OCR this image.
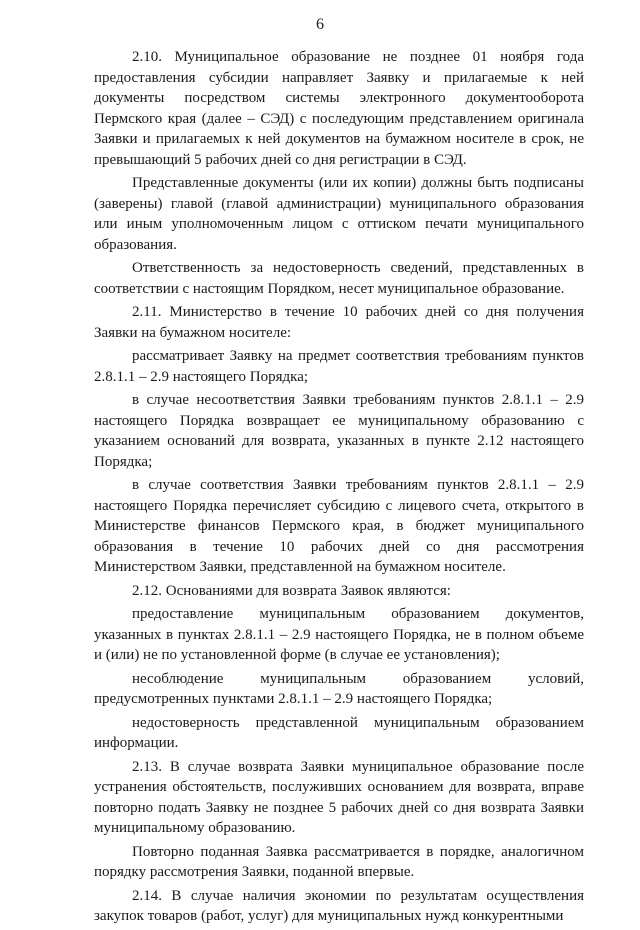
6

2.10. Муниципальное образование не позднее 01 ноября года предоставления субсидии направляет Заявку и прилагаемые к ней документы посредством системы электронного документооборота Пермского края (далее – СЭД) с последующим представлением оригинала Заявки и прилагаемых к ней документов на бумажном носителе в срок, не превышающий 5 рабочих дней со дня регистрации в СЭД.

Представленные документы (или их копии) должны быть подписаны (заверены) главой (главой администрации) муниципального образования или иным уполномоченным лицом с оттиском печати муниципального образования.

Ответственность за недостоверность сведений, представленных в соответствии с настоящим Порядком, несет муниципальное образование.

2.11. Министерство в течение 10 рабочих дней со дня получения Заявки на бумажном носителе:

рассматривает Заявку на предмет соответствия требованиям пунктов 2.8.1.1 – 2.9 настоящего Порядка;

в случае несоответствия Заявки требованиям пунктов 2.8.1.1 – 2.9 настоящего Порядка возвращает ее муниципальному образованию с указанием оснований для возврата, указанных в пункте 2.12 настоящего Порядка;

в случае соответствия Заявки требованиям пунктов 2.8.1.1 – 2.9 настоящего Порядка перечисляет субсидию с лицевого счета, открытого в Министерстве финансов Пермского края, в бюджет муниципального образования в течение 10 рабочих дней со дня рассмотрения Министерством Заявки, представленной на бумажном носителе.

2.12. Основаниями для возврата Заявок являются:

предоставление муниципальным образованием документов, указанных в пунктах 2.8.1.1 – 2.9 настоящего Порядка, не в полном объеме и (или) не по установленной форме (в случае ее установления);

несоблюдение муниципальным образованием условий, предусмотренных пунктами 2.8.1.1 – 2.9 настоящего Порядка;

недостоверность представленной муниципальным образованием информации.

2.13. В случае возврата Заявки муниципальное образование после устранения обстоятельств, послуживших основанием для возврата, вправе повторно подать Заявку не позднее 5 рабочих дней со дня возврата Заявки муниципальному образованию.

Повторно поданная Заявка рассматривается в порядке, аналогичном порядку рассмотрения Заявки, поданной впервые.

2.14. В случае наличия экономии по результатам осуществления закупок товаров (работ, услуг) для муниципальных нужд конкурентными
